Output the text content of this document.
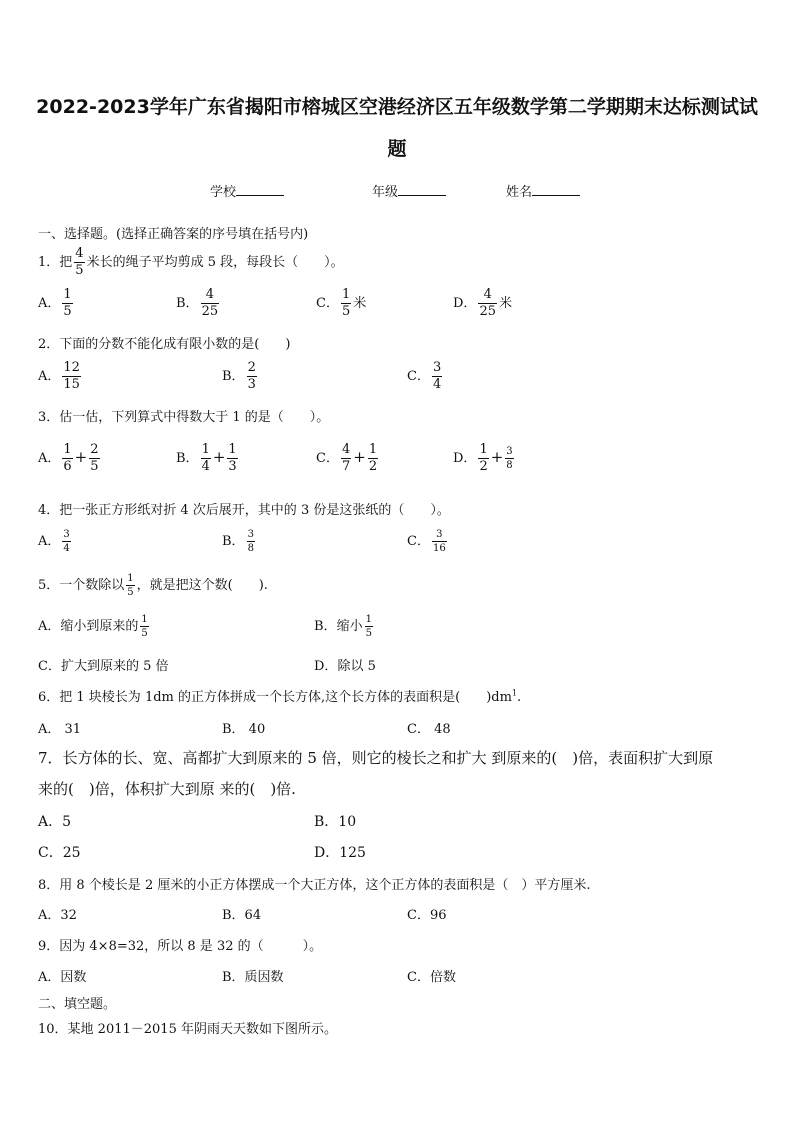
2022-2023学年广东省揭阳市榕城区空港经济区五年级数学第二学期期末达标测试试
题
学校	年级	姓名
一、选择题。(选择正确答案的序号填在括号内)
1．把 $\frac{4}{5}$ 米长的绳子平均剪成 5 段，每段长（　　）。
A． $\frac{1}{5}$	B． $\frac{4}{25}$	C． $\frac{1}{5}$ 米	D． $\frac{4}{25}$ 米
2．下面的分数不能化成有限小数的是(　　)
A． $\frac{12}{15}$	B． $\frac{2}{3}$	C． $\frac{3}{4}$
3．估一估，下列算式中得数大于 1 的是（　　）。
A． $\frac{1}{6} + \frac{2}{5}$	B． $\frac{1}{4} + \frac{1}{3}$	C． $\frac{4}{7} + \frac{1}{2}$	D． $\frac{1}{2} + \frac{3}{8}$
4．把一张正方形纸对折 4 次后展开，其中的 3 份是这张纸的（　　）。
A． $\frac{3}{4}$	B． $\frac{3}{8}$	C． $\frac{3}{16}$
5．一个数除以 $\frac{1}{5}$ ，就是把这个数(　　).
A．缩小到原来的 $\frac{1}{5}$	B．缩小 $\frac{1}{5}$
C．扩大到原来的 5 倍	D．除以 5
6．把 1 块棱长为 1dm 的正方体拼成一个长方体,这个长方体的表面积是(　　)$dm^1$.
A． 31	B． 40	C． 48
7．长方体的长、宽、高都扩大到原来的 5 倍，则它的棱长之和扩大 到原来的(　)倍，表面积扩大到原
来的(　)倍，体积扩大到原 来的(　)倍.
A．5	B．10
C．25	D．125
8．用 8 个棱长是 2 厘米的小正方体摆成一个大正方体，这个正方体的表面积是（　）平方厘米.
A．32	B．64	C．96
9．因为 4×8=32，所以 8 是 32 的（　　　）。
A．因数	B．质因数	C．倍数
二、填空题。
10．某地 2011－2015 年阴雨天天数如下图所示。
